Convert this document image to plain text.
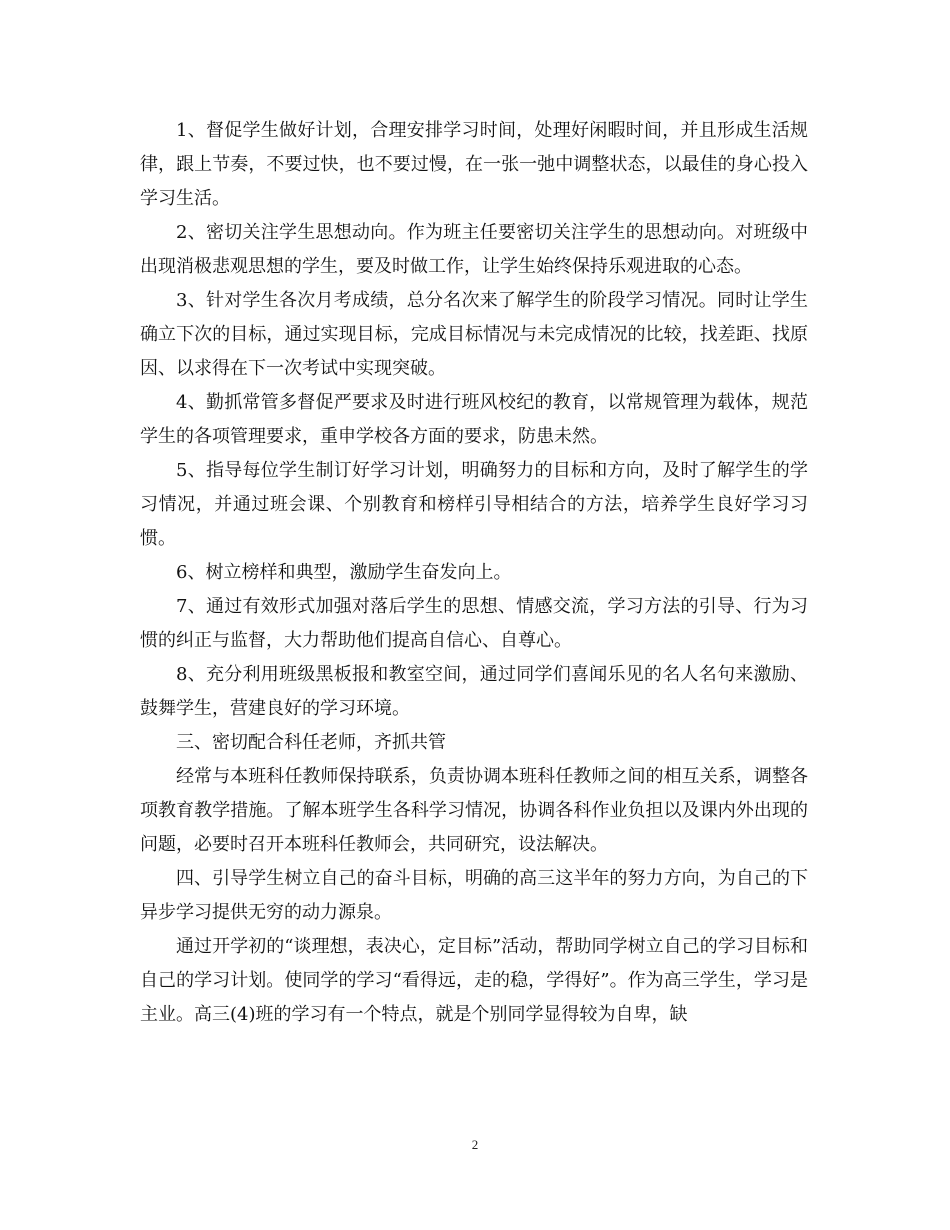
1、督促学生做好计划，合理安排学习时间，处理好闲暇时间，并且形成生活规律，跟上节奏，不要过快，也不要过慢，在一张一弛中调整状态，以最佳的身心投入学习生活。

2、密切关注学生思想动向。作为班主任要密切关注学生的思想动向。对班级中出现消极悲观思想的学生，要及时做工作，让学生始终保持乐观进取的心态。

3、针对学生各次月考成绩，总分名次来了解学生的阶段学习情况。同时让学生确立下次的目标，通过实现目标，完成目标情况与未完成情况的比较，找差距、找原因、以求得在下一次考试中实现突破。

4、勤抓常管多督促严要求及时进行班风校纪的教育，以常规管理为载体，规范学生的各项管理要求，重申学校各方面的要求，防患未然。

5、指导每位学生制订好学习计划，明确努力的目标和方向，及时了解学生的学习情况，并通过班会课、个别教育和榜样引导相结合的方法，培养学生良好学习习惯。

6、树立榜样和典型，激励学生奋发向上。

7、通过有效形式加强对落后学生的思想、情感交流，学习方法的引导、行为习惯的纠正与监督，大力帮助他们提高自信心、自尊心。

8、充分利用班级黑板报和教室空间，通过同学们喜闻乐见的名人名句来激励、鼓舞学生，营建良好的学习环境。

三、密切配合科任老师，齐抓共管

经常与本班科任教师保持联系，负责协调本班科任教师之间的相互关系，调整各项教育教学措施。了解本班学生各科学习情况，协调各科作业负担以及课内外出现的问题，必要时召开本班科任教师会，共同研究，设法解决。

四、引导学生树立自己的奋斗目标，明确的高三这半年的努力方向，为自己的下异步学习提供无穷的动力源泉。

通过开学初的“谈理想，表决心，定目标”活动，帮助同学树立自己的学习目标和自己的学习计划。使同学的学习“看得远，走的稳，学得好”。作为高三学生，学习是主业。高三(4)班的学习有一个特点，就是个别同学显得较为自卑，缺

2
